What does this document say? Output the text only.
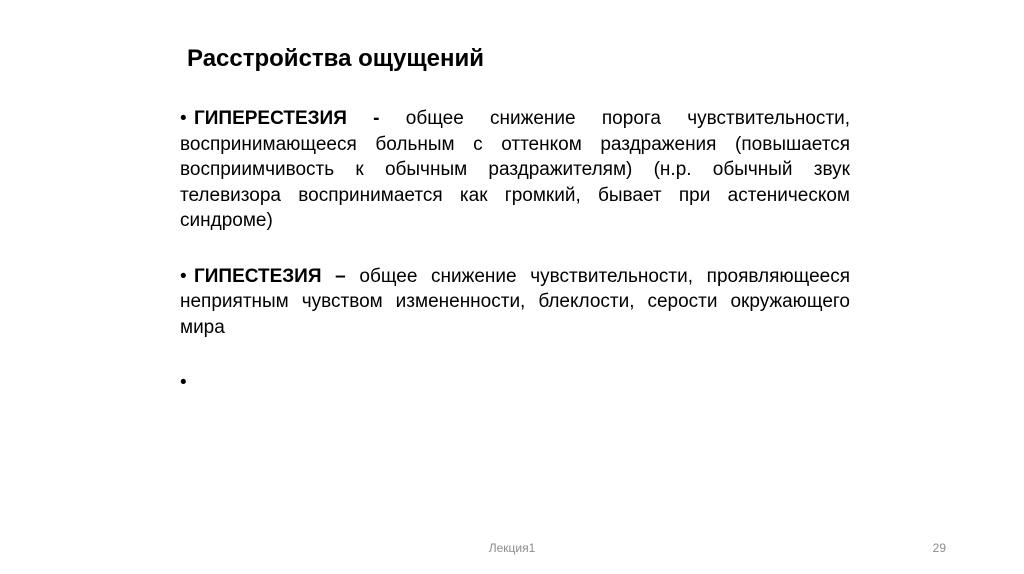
Расстройства ощущений
• ГИПЕРЕСТЕЗИЯ - общее снижение порога чувствительности, воспринимающееся больным с оттенком раздражения (повышается восприимчивость к обычным раздражителям) (н.р. обычный звук телевизора воспринимается как громкий, бывает при астеническом синдроме)
• ГИПЕСТЕЗИЯ – общее снижение чувствительности, проявляющееся неприятным чувством измененности, блеклости, серости окружающего мира
•
Лекция1	29
